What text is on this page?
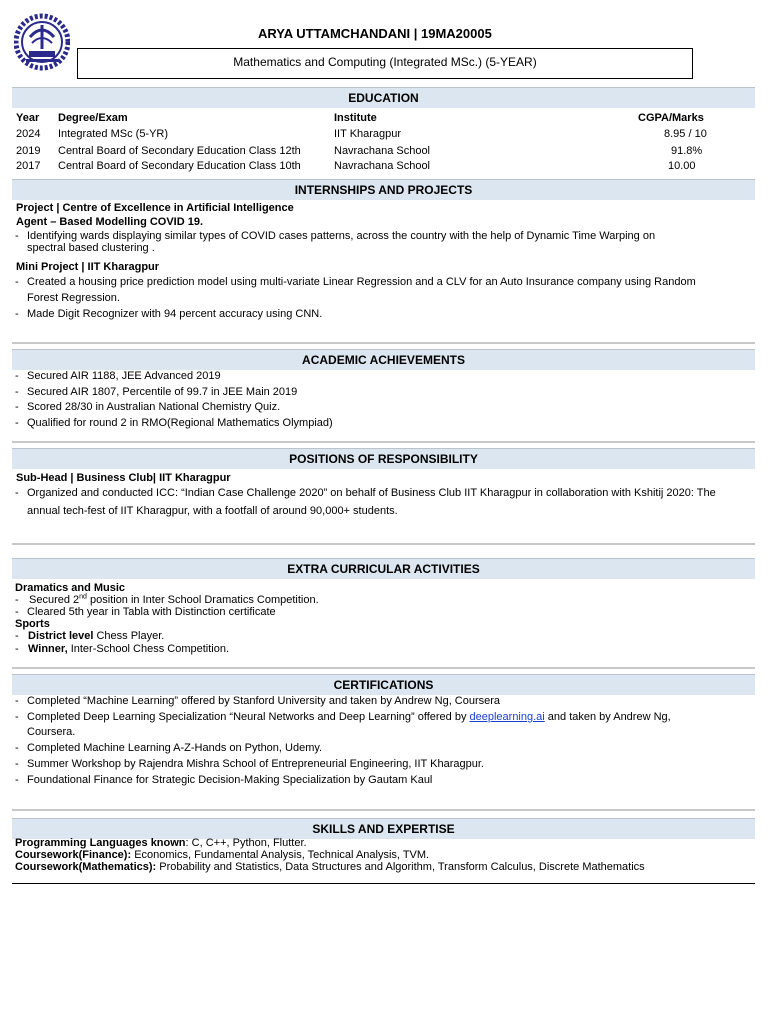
ARYA UTTAMCHANDANI | 19MA20005
Mathematics and Computing (Integrated MSc.) (5-YEAR)
EDUCATION
Year Degree/Exam	Institute	CGPA/Marks
2024 Integrated MSc (5-YR)	IIT Kharagpur	8.95 / 10
2019 Central Board of Secondary Education Class 12th	Navrachana School	91.8%
2017 Central Board of Secondary Education Class 10th	Navrachana School	10.00
INTERNSHIPS AND PROJECTS
Project | Centre of Excellence in Artificial Intelligence
Agent – Based Modelling COVID 19.
- Identifying wards displaying similar types of COVID cases patterns, across the country with the help of Dynamic Time Warping on
spectral based clustering .
Mini Project | IIT Kharagpur
- Created a housing price prediction model using multi-variate Linear Regression and a CLV for an Auto Insurance company using Random
Forest Regression.
- Made Digit Recognizer with 94 percent accuracy using CNN.
ACADEMIC ACHIEVEMENTS
- Secured AIR 1188, JEE Advanced 2019
- Secured AIR 1807, Percentile of 99.7 in JEE Main 2019
- Scored 28/30 in Australian National Chemistry Quiz.
- Qualified for round 2 in RMO(Regional Mathematics Olympiad)
POSITIONS OF RESPONSIBILITY
Sub-Head | Business Club| IIT Kharagpur
- Organized and conducted ICC: “Indian Case Challenge 2020” on behalf of Business Club IIT Kharagpur in collaboration with Kshitij 2020: The
annual tech-fest of IIT Kharagpur, with a footfall of around 90,000+ students.
EXTRA CURRICULAR ACTIVITIES
Dramatics and Music
- Secured 2nd position in Inter School Dramatics Competition.
- Cleared 5th year in Tabla with Distinction certificate
Sports
- District level Chess Player.
- Winner, Inter-School Chess Competition.
CERTIFICATIONS
- Completed “Machine Learning” offered by Stanford University and taken by Andrew Ng, Coursera
- Completed Deep Learning Specialization “Neural Networks and Deep Learning” offered by deeplearning.ai and taken by Andrew Ng,
Coursera.
- Completed Machine Learning A-Z-Hands on Python, Udemy.
- Summer Workshop by Rajendra Mishra School of Entrepreneurial Engineering, IIT Kharagpur.
- Foundational Finance for Strategic Decision-Making Specialization by Gautam Kaul
SKILLS AND EXPERTISE
Programming Languages known: C, C++, Python, Flutter.
Coursework(Finance): Economics, Fundamental Analysis, Technical Analysis, TVM.
Coursework(Mathematics): Probability and Statistics, Data Structures and Algorithm, Transform Calculus, Discrete Mathematics
